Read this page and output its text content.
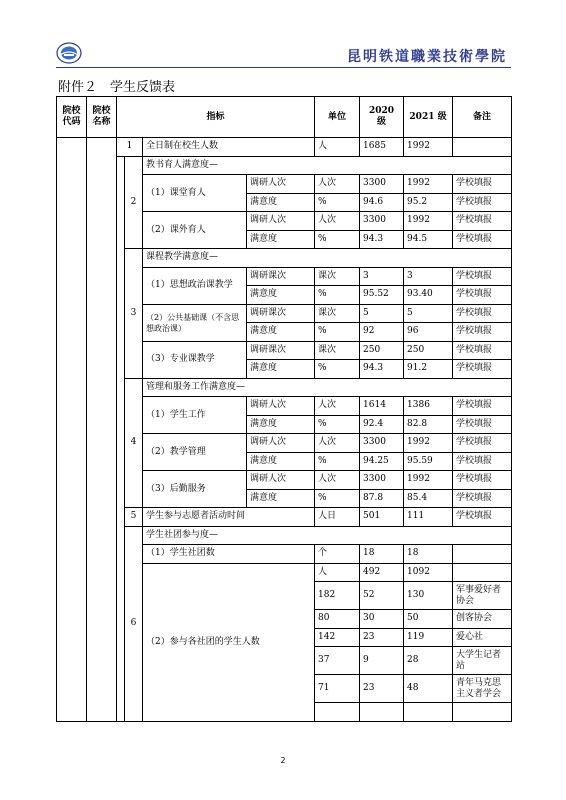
昆明铁道職業技術學院
附件２　学生反馈表
院校代码	院校名称	指标				单位	2020 级	2021 级	备注
		1		全日制在校生人数		人	1685	1992	
			2	教书育人满意度—					
				（1）课堂育人	调研人次	人次	3300	1992	学校填报
					满意度	%	94.6	95.2	学校填报
				（2）课外育人	调研人次	人次	3300	1992	学校填报
					满意度	%	94.3	94.5	学校填报
			3	课程教学满意度—					
				（1）思想政治课教学	调研课次	课次	3	3	学校填报
					满意度	%	95.52	93.40	学校填报
				（2）公共基础课（不含思想政治课）	调研课次	课次	5	5	学校填报
					满意度	%	92	96	学校填报
				（3）专业课教学	调研课次	课次	250	250	学校填报
					满意度	%	94.3	91.2	学校填报
			4	管理和服务工作满意度—					
				（1）学生工作	调研人次	人次	1614	1386	学校填报
					满意度	%	92.4	82.8	学校填报
				（2）教学管理	调研人次	人次	3300	1992	学校填报
					满意度	%	94.25	95.59	学校填报
				（3）后勤服务	调研人次	人次	3300	1992	学校填报
					满意度	%	87.8	85.4	学校填报
			5	学生参与志愿者活动时间		人日	501	111	学校填报
			6	学生社团参与度—					
				（1）学生社团数		个	18	18	
				（2）参与各社团的学生人数		人	492	1092	
						182	52	130	军事爱好者协会
						80	30	50	创客协会
						142	23	119	爱心社
						37	9	28	大学生记者站
						71	23	48	青年马克思主义者学会

2
